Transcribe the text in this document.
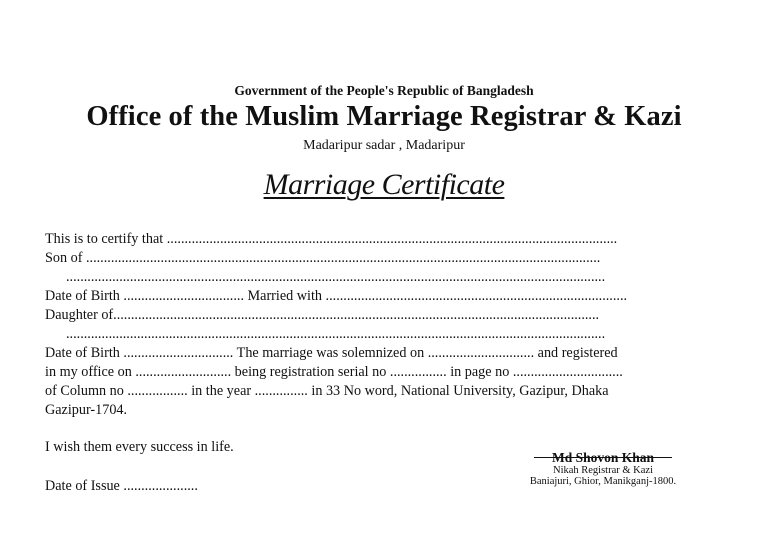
Government of the People's Republic of Bangladesh
Office of the Muslim Marriage Registrar & Kazi
Madaripur sadar , Madaripur
Marriage Certificate
This is to certify that ...............................................................................................................................
Son of .................................................................................................................................................
........................................................................................................................................................
Date of Birth .................................. Married with .....................................................................................
Daughter of.........................................................................................................................................
........................................................................................................................................................
Date of Birth ............................... The marriage was solemnized on .............................. and registered
in my office on ........................... being registration serial no ................ in page no ...............................
of Column no ................. in the year ............... in 33 No word, National University, Gazipur, Dhaka
Gazipur-1704.
I wish them every success in life.
Date of Issue .....................
Md Shovon Khan
Nikah Registrar & Kazi
Baniajuri, Ghior, Manikganj-1800.
